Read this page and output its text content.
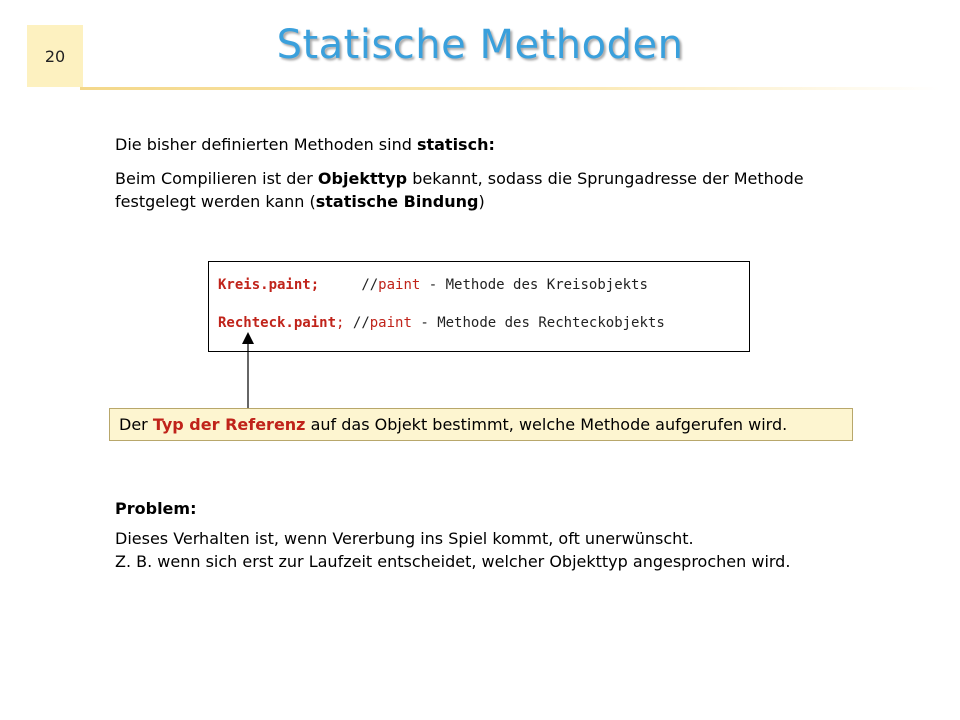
20	Statische Methoden
Die bisher definierten Methoden sind statisch:
Beim Compilieren ist der Objekttyp bekannt, sodass die Sprungadresse der Methode
festgelegt werden kann (statische Bindung)
Kreis.paint;	//paint - Methode des Kreisobjekts
Rechteck.paint; //paint - Methode des Rechteckobjekts
Der Typ der Referenz auf das Objekt bestimmt, welche Methode aufgerufen wird.
Problem:
Dieses Verhalten ist, wenn Vererbung ins Spiel kommt, oft unerwünscht.
Z. B. wenn sich erst zur Laufzeit entscheidet, welcher Objekttyp angesprochen wird.
